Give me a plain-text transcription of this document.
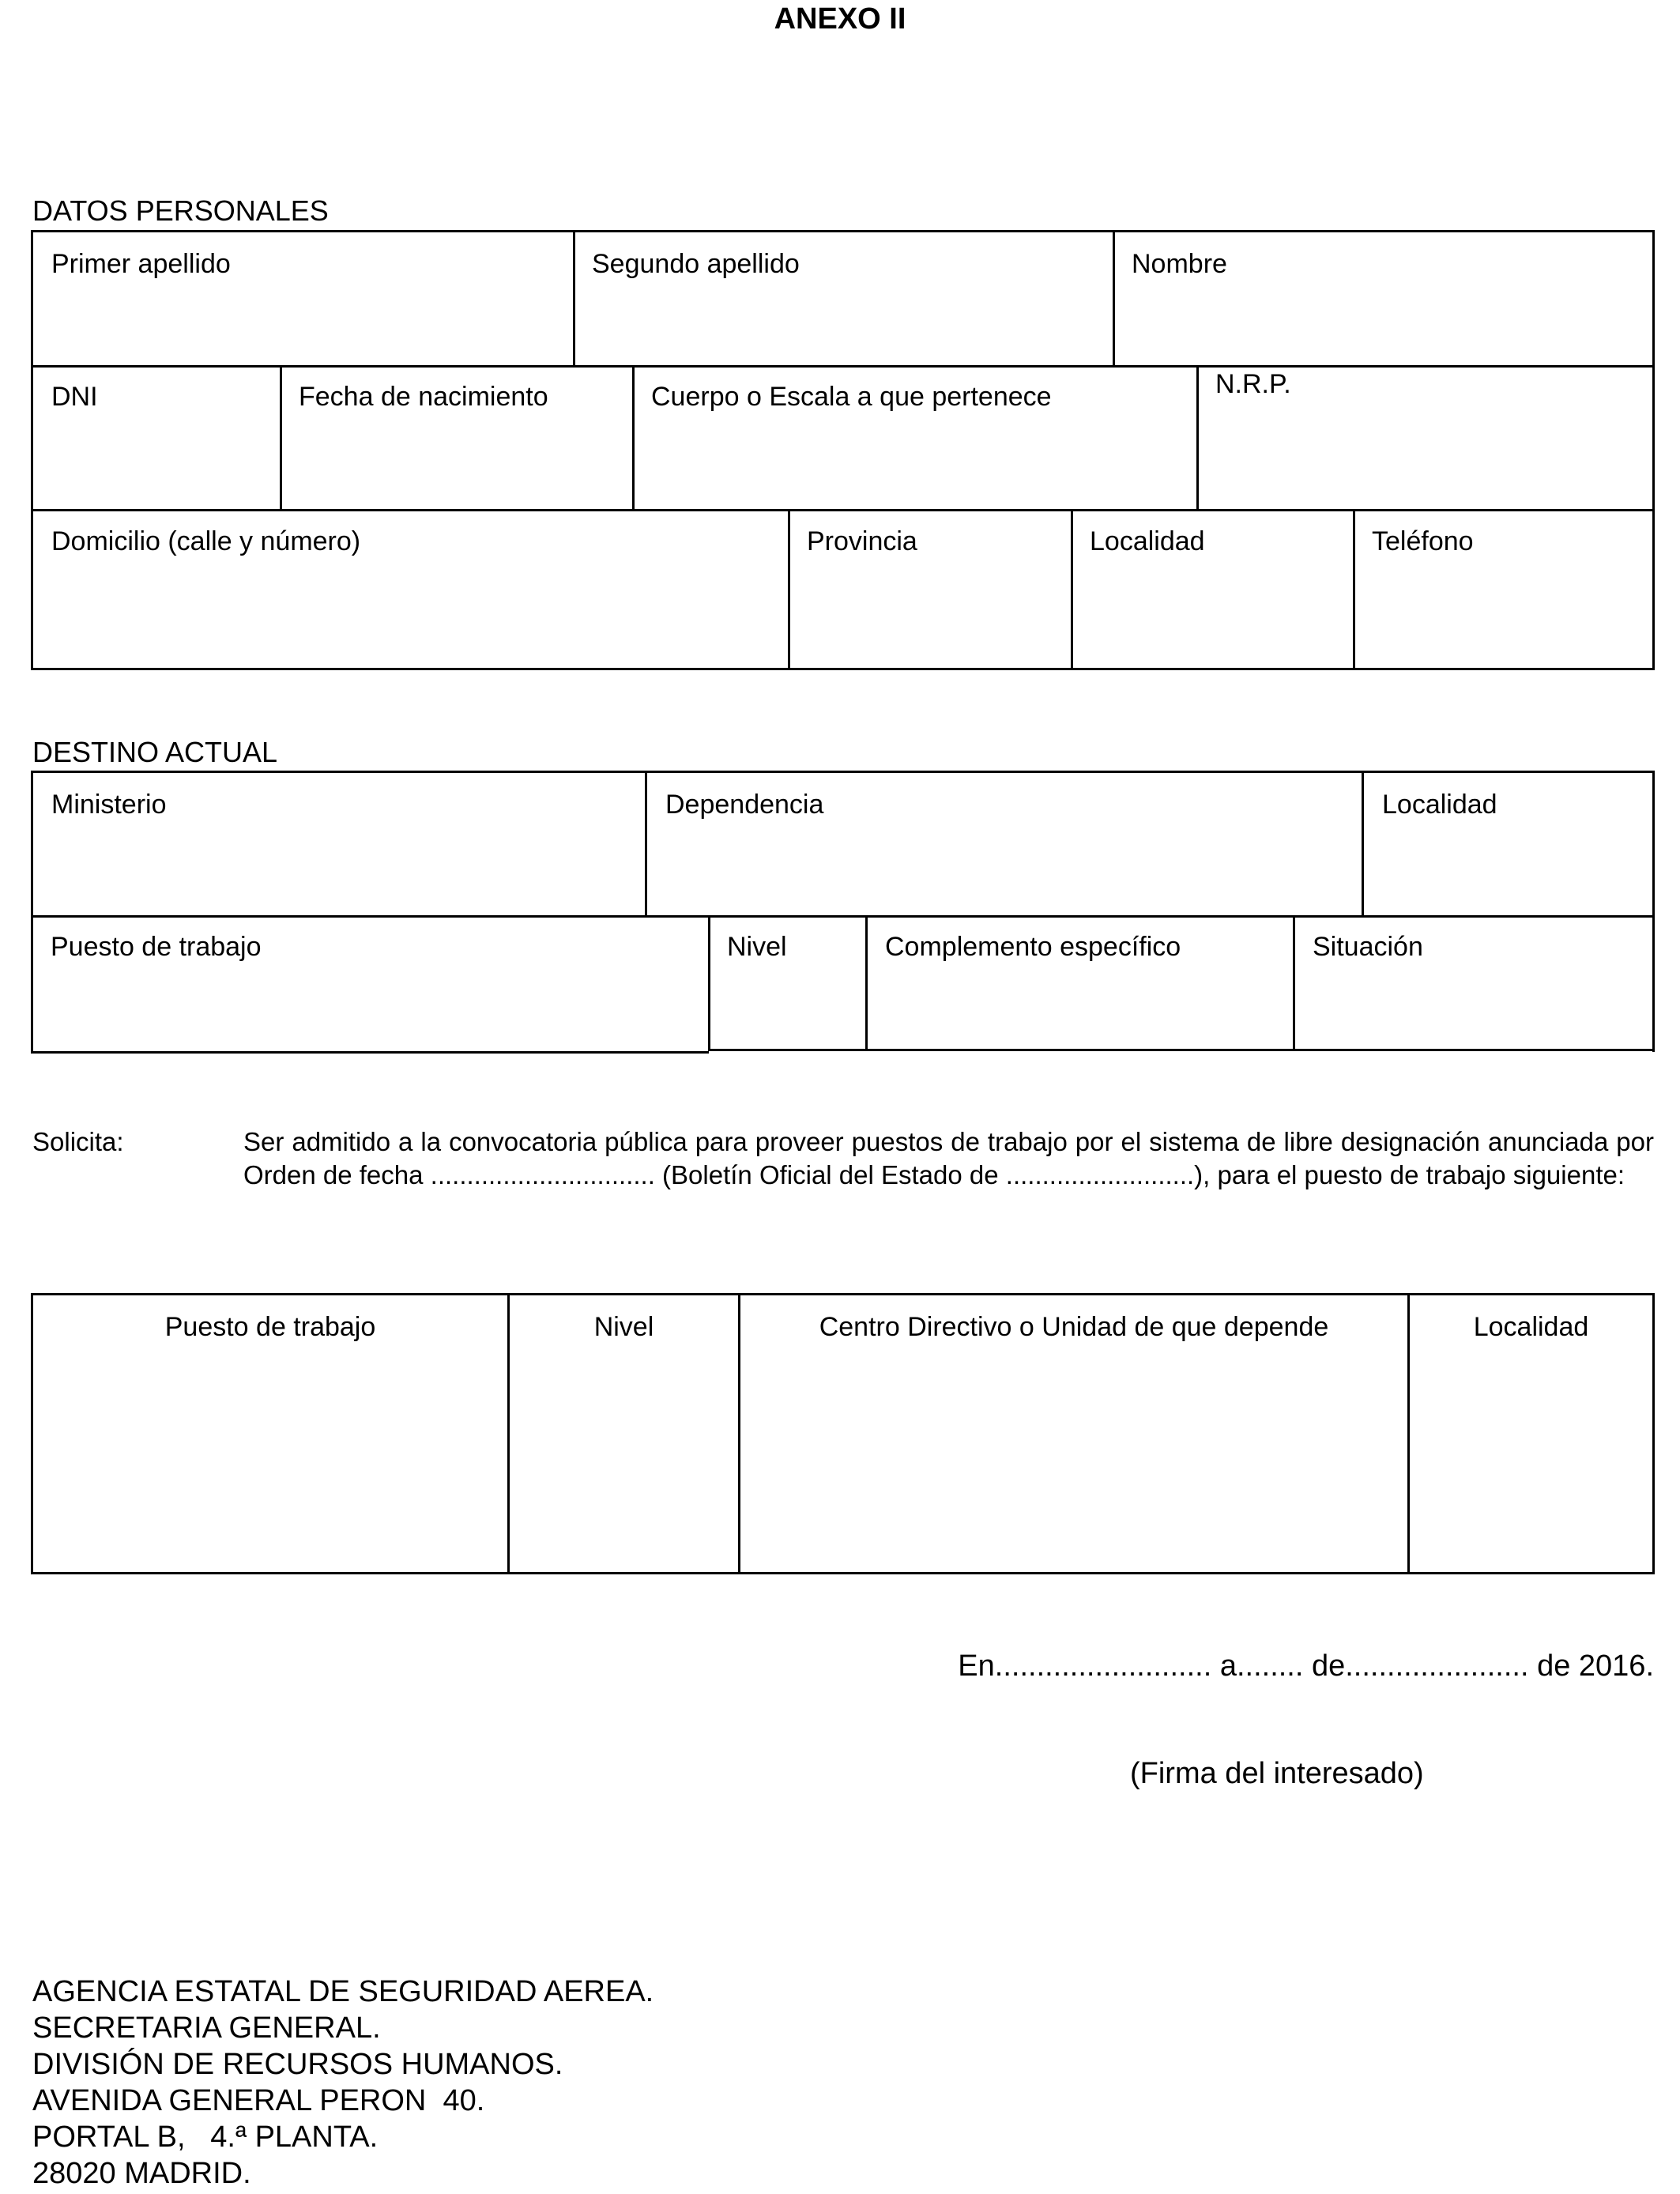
ANEXO II
DATOS PERSONALES
Primer apellido	Segundo apellido	Nombre
DNI	Fecha de nacimiento	Cuerpo o Escala a que pertenece	N.R.P.
Domicilio (calle y número)	Provincia	Localidad	Teléfono
DESTINO ACTUAL
Ministerio	Dependencia	Localidad
Puesto de trabajo	Nivel	Complemento específico	Situación
Solicita:	Ser admitido a la convocatoria pública para proveer puestos de trabajo por el sistema de libre designación anunciada por Orden de fecha ............................... (Boletín Oficial del Estado de ..........................), para el puesto de trabajo siguiente:
Puesto de trabajo	Nivel	Centro Directivo o Unidad de que depende	Localidad
En.......................... a........ de...................... de 2016.
(Firma del interesado)
AGENCIA ESTATAL DE SEGURIDAD AEREA.
SECRETARIA GENERAL.
DIVISIÓN DE RECURSOS HUMANOS.
AVENIDA GENERAL PERON  40.
PORTAL B,   4.ª PLANTA.
28020 MADRID.
